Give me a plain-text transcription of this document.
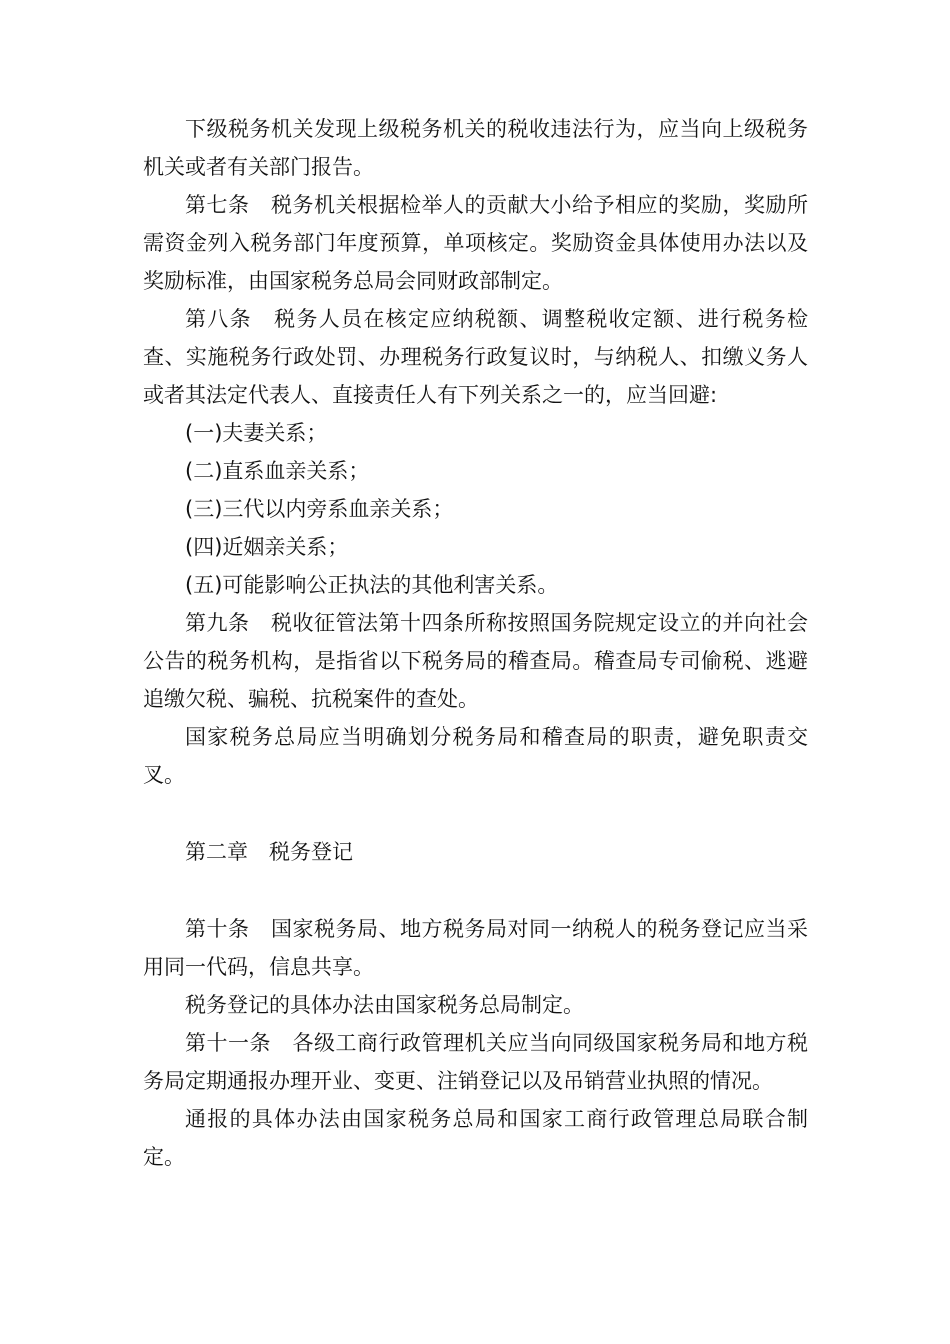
下级税务机关发现上级税务机关的税收违法行为，应当向上级税务机关或者有关部门报告。

第七条　税务机关根据检举人的贡献大小给予相应的奖励，奖励所需资金列入税务部门年度预算，单项核定。奖励资金具体使用办法以及奖励标准，由国家税务总局会同财政部制定。

第八条　税务人员在核定应纳税额、调整税收定额、进行税务检查、实施税务行政处罚、办理税务行政复议时，与纳税人、扣缴义务人或者其法定代表人、直接责任人有下列关系之一的，应当回避:

(一)夫妻关系；

(二)直系血亲关系；

(三)三代以内旁系血亲关系；

(四)近姻亲关系；

(五)可能影响公正执法的其他利害关系。

第九条　税收征管法第十四条所称按照国务院规定设立的并向社会公告的税务机构，是指省以下税务局的稽查局。稽查局专司偷税、逃避追缴欠税、骗税、抗税案件的查处。

国家税务总局应当明确划分税务局和稽查局的职责，避免职责交叉。

第二章　税务登记

第十条　国家税务局、地方税务局对同一纳税人的税务登记应当采用同一代码，信息共享。

税务登记的具体办法由国家税务总局制定。

第十一条　各级工商行政管理机关应当向同级国家税务局和地方税务局定期通报办理开业、变更、注销登记以及吊销营业执照的情况。

通报的具体办法由国家税务总局和国家工商行政管理总局联合制定。
